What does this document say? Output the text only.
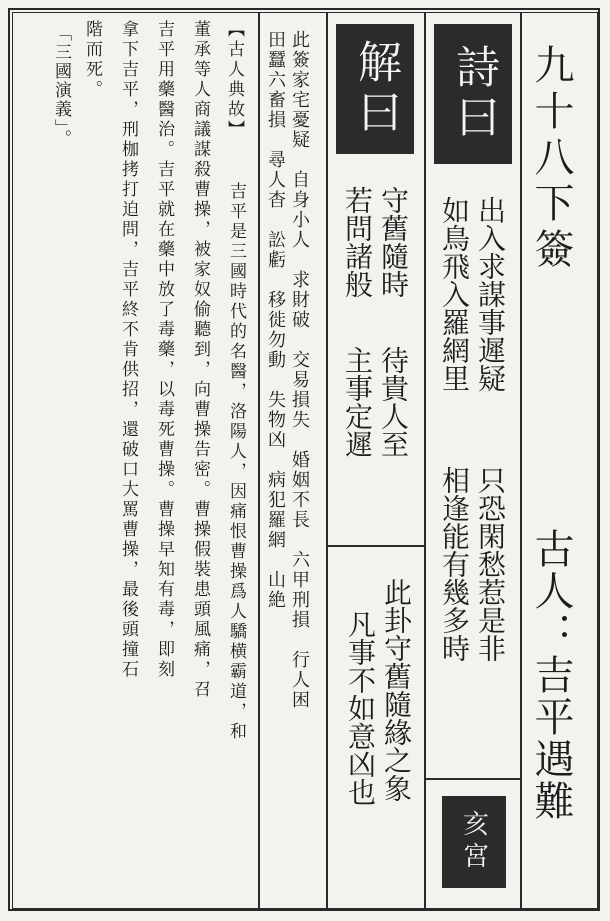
九十八下簽

古人：吉平遇難

詩曰

出入求謀事遲疑

如鳥飛入羅網里

只恐閑愁惹是非

相逢能有幾多時

亥宮

解曰

守舊隨時

若問諸般

待貴人至

主事定遲

此卦守舊隨緣之象

凡事不如意凶也

此簽家宅憂疑　自身小人　求財破　交易損失　婚姻不長　六甲刑損　行人困

田蠶六畜損　尋人杳　訟虧　移徙勿動　失物凶　病犯羅網　山絶

【古人典故】

吉平是三國時代的名醫，洛陽人，因痛恨曹操爲人驕横霸道，和

董承等人商議謀殺曹操，被家奴偷聽到，向曹操告密。曹操假裝患頭風痛，召

吉平用藥醫治。吉平就在藥中放了毒藥，以毒死曹操。曹操早知有毒，即刻

拿下吉平，刑枷拷打迫問，吉平終不肯供招，還破口大罵曹操，最後頭撞石

階而死。

「三國演義」。
